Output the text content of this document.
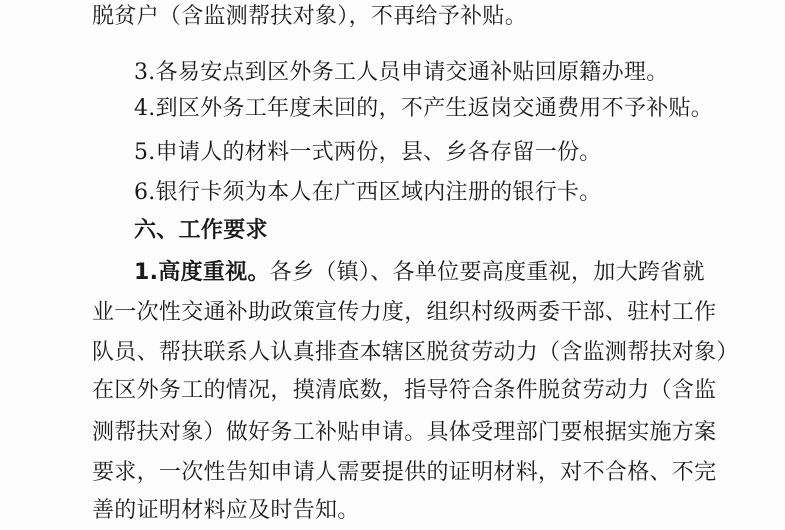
脱贫户（含监测帮扶对象），不再给予补贴。
3.各易安点到区外务工人员申请交通补贴回原籍办理。
4.到区外务工年度未回的，不产生返岗交通费用不予补贴。
5.申请人的材料一式两份，县、乡各存留一份。
6.银行卡须为本人在广西区域内注册的银行卡。
六、工作要求
1.高度重视。各乡（镇）、各单位要高度重视，加大跨省就
业一次性交通补助政策宣传力度，组织村级两委干部、驻村工作
队员、帮扶联系人认真排查本辖区脱贫劳动力（含监测帮扶对象）
在区外务工的情况，摸清底数，指导符合条件脱贫劳动力（含监
测帮扶对象）做好务工补贴申请。具体受理部门要根据实施方案
要求，一次性告知申请人需要提供的证明材料，对不合格、不完
善的证明材料应及时告知。
